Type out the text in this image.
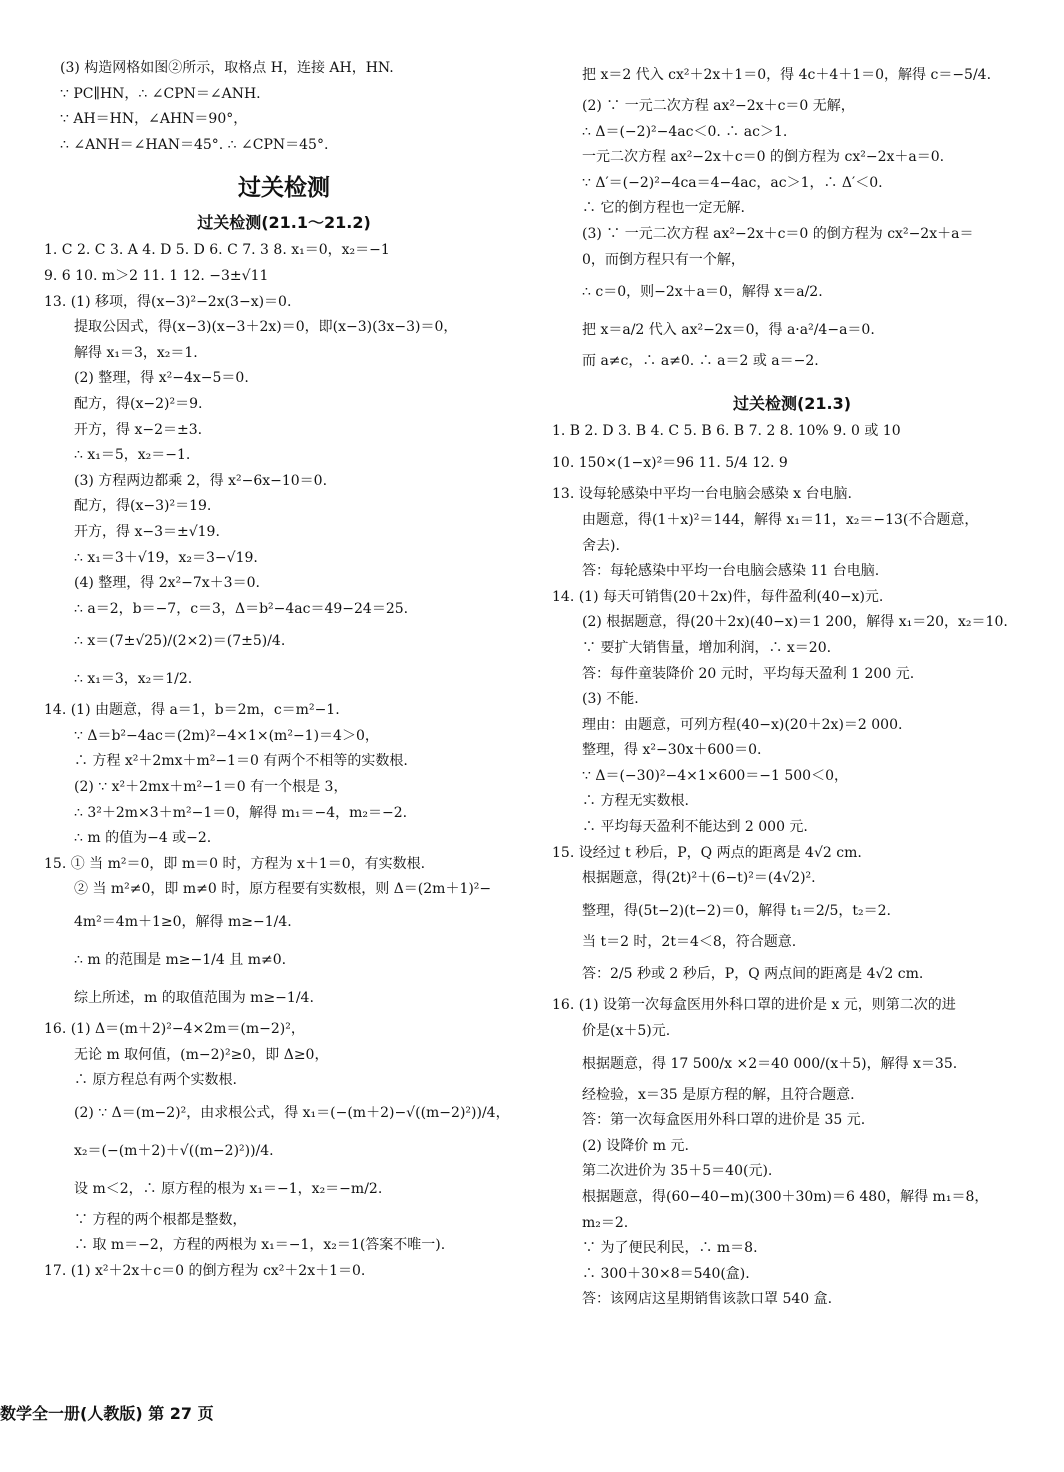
(3) 构造网格如图②所示，取格点 H，连接 AH，HN.
∵ PC∥HN，∴ ∠CPN＝∠ANH.
∵ AH＝HN，∠AHN＝90°，
∴ ∠ANH＝∠HAN＝45°. ∴ ∠CPN＝45°.
过关检测
过关检测(21.1～21.2)
1. C 2. C 3. A 4. D 5. D 6. C 7. 3 8. x₁＝0，x₂＝−1
9. 6 10. m＞2 11. 1 12. −3±√11
13. (1) 移项，得(x−3)²−2x(3−x)＝0.
提取公因式，得(x−3)(x−3＋2x)＝0，即(x−3)(3x−3)＝0，
解得 x₁＝3，x₂＝1.
(2) 整理，得 x²−4x−5＝0.
配方，得(x−2)²＝9.
开方，得 x−2＝±3.
∴ x₁＝5，x₂＝−1.
(3) 方程两边都乘 2，得 x²−6x−10＝0.
配方，得(x−3)²＝19.
开方，得 x−3＝±√19.
∴ x₁＝3＋√19，x₂＝3−√19.
(4) 整理，得 2x²−7x＋3＝0.
∴ a＝2，b＝−7，c＝3，Δ＝b²−4ac＝49−24＝25.
∴ x＝(7±√25)/(2×2)＝(7±5)/4.
∴ x₁＝3，x₂＝1/2.
14. (1) 由题意，得 a＝1，b＝2m，c＝m²−1.
∵ Δ＝b²−4ac＝(2m)²−4×1×(m²−1)＝4＞0，
∴ 方程 x²＋2mx＋m²−1＝0 有两个不相等的实数根.
(2) ∵ x²＋2mx＋m²−1＝0 有一个根是 3，
∴ 3²＋2m×3＋m²−1＝0，解得 m₁＝−4，m₂＝−2.
∴ m 的值为−4 或−2.
15. ① 当 m²＝0，即 m＝0 时，方程为 x＋1＝0，有实数根.
② 当 m²≠0，即 m≠0 时，原方程要有实数根，则 Δ＝(2m＋1)²−
4m²＝4m＋1≥0，解得 m≥−1/4.
∴ m 的范围是 m≥−1/4 且 m≠0.
综上所述，m 的取值范围为 m≥−1/4.
16. (1) Δ＝(m＋2)²−4×2m＝(m−2)²，
无论 m 取何值，(m−2)²≥0，即 Δ≥0，
∴ 原方程总有两个实数根.
(2) ∵ Δ＝(m−2)²，由求根公式，得 x₁＝(−(m＋2)−√((m−2)²))/4，
x₂＝(−(m＋2)＋√((m−2)²))/4.
设 m＜2，∴ 原方程的根为 x₁＝−1，x₂＝−m/2.
∵ 方程的两个根都是整数，
∴ 取 m＝−2，方程的两根为 x₁＝−1，x₂＝1(答案不唯一).
17. (1) x²＋2x＋c＝0 的倒方程为 cx²＋2x＋1＝0.
把 x＝2 代入 cx²＋2x＋1＝0，得 4c＋4＋1＝0，解得 c＝−5/4.
(2) ∵ 一元二次方程 ax²−2x＋c＝0 无解，
∴ Δ＝(−2)²−4ac＜0. ∴ ac＞1.
一元二次方程 ax²−2x＋c＝0 的倒方程为 cx²−2x＋a＝0.
∵ Δ′＝(−2)²−4ca＝4−4ac，ac＞1，∴ Δ′＜0.
∴ 它的倒方程也一定无解.
(3) ∵ 一元二次方程 ax²−2x＋c＝0 的倒方程为 cx²−2x＋a＝
0，而倒方程只有一个解，
∴ c＝0，则−2x＋a＝0，解得 x＝a/2.
把 x＝a/2 代入 ax²−2x＝0，得 a·a²/4−a＝0.
而 a≠c，∴ a≠0. ∴ a＝2 或 a＝−2.
过关检测(21.3)
1. B 2. D 3. B 4. C 5. B 6. B 7. 2 8. 10% 9. 0 或 10
10. 150×(1−x)²＝96 11. 5/4 12. 9
13. 设每轮感染中平均一台电脑会感染 x 台电脑.
由题意，得(1＋x)²＝144，解得 x₁＝11，x₂＝−13(不合题意，
舍去).
答：每轮感染中平均一台电脑会感染 11 台电脑.
14. (1) 每天可销售(20＋2x)件，每件盈利(40−x)元.
(2) 根据题意，得(20＋2x)(40−x)＝1 200，解得 x₁＝20，x₂＝10.
∵ 要扩大销售量，增加利润，∴ x＝20.
答：每件童装降价 20 元时，平均每天盈利 1 200 元.
(3) 不能.
理由：由题意，可列方程(40−x)(20＋2x)＝2 000.
整理，得 x²−30x＋600＝0.
∵ Δ＝(−30)²−4×1×600＝−1 500＜0，
∴ 方程无实数根.
∴ 平均每天盈利不能达到 2 000 元.
15. 设经过 t 秒后，P，Q 两点的距离是 4√2 cm.
根据题意，得(2t)²＋(6−t)²＝(4√2)².
整理，得(5t−2)(t−2)＝0，解得 t₁＝2/5，t₂＝2.
当 t＝2 时，2t＝4＜8，符合题意.
答：2/5 秒或 2 秒后，P，Q 两点间的距离是 4√2 cm.
16. (1) 设第一次每盒医用外科口罩的进价是 x 元，则第二次的进
价是(x＋5)元.
根据题意，得 17 500/x ×2＝40 000/(x＋5)，解得 x＝35.
经检验，x＝35 是原方程的解，且符合题意.
答：第一次每盒医用外科口罩的进价是 35 元.
(2) 设降价 m 元.
第二次进价为 35＋5＝40(元).
根据题意，得(60−40−m)(300＋30m)＝6 480，解得 m₁＝8，
m₂＝2.
∵ 为了便民利民，∴ m＝8.
∴ 300＋30×8＝540(盒).
答：该网店这星期销售该款口罩 540 盒.
数学全一册(人教版) 第 27 页
